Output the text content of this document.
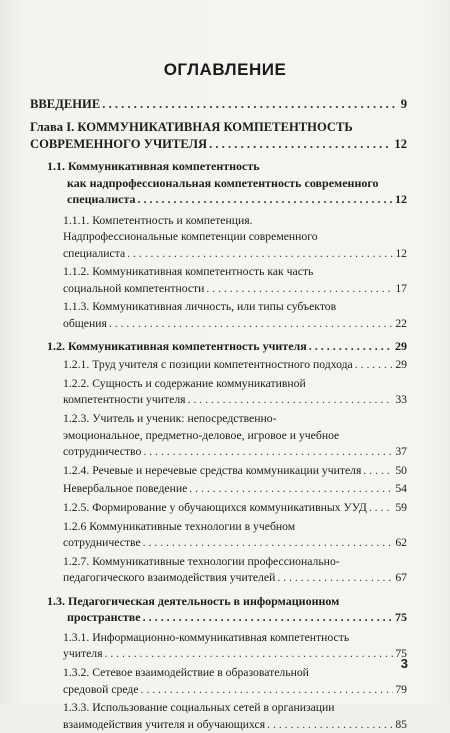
ОГЛАВЛЕНИЕ
ВВЕДЕНИЕ . . .	9
Глава I. КОММУНИКАТИВНАЯ КОМПЕТЕНТНОСТЬ
СОВРЕМЕННОГО УЧИТЕЛЯ . . .	12
1.1. Коммуникативная компетентность
как надпрофессиональная компетентность современного
специалиста . . .	12
1.1.1. Компетентность и компетенция.
Надпрофессиональные компетенции современного
специалиста . . .	12
1.1.2. Коммуникативная компетентность как часть
социальной компетентности . . .	17
1.1.3. Коммуникативная личность, или типы субъектов
общения . . .	22
1.2. Коммуникативная компетентность учителя . . .	29
1.2.1. Труд учителя с позиции компетентностного подхода . . .	29
1.2.2. Сущность и содержание коммуникативной
компетентности учителя . . .	33
1.2.3. Учитель и ученик: непосредственно-
эмоциональное, предметно-деловое, игровое и учебное
сотрудничество . . .	37
1.2.4. Речевые и неречевые средства коммуникации учителя . . .	50
Невербальное поведение . . .	54
1.2.5. Формирование у обучающихся коммуникативных УУД . . . 59
1.2.6 Коммуникативные технологии в учебном
сотрудничестве . . .	62
1.2.7. Коммуникативные технологии профессионально-
педагогического взаимодействия учителей . . .	67
1.3. Педагогическая деятельность в информационном
пространстве . . .	75
1.3.1. Информационно-коммуникативная компетентность
учителя . . .	75
1.3.2. Сетевое взаимодействие в образовательной
средовой среде . . .	79
1.3.3. Использование социальных сетей в организации
взаимодействия учителя и обучающихся . . .	85
3
